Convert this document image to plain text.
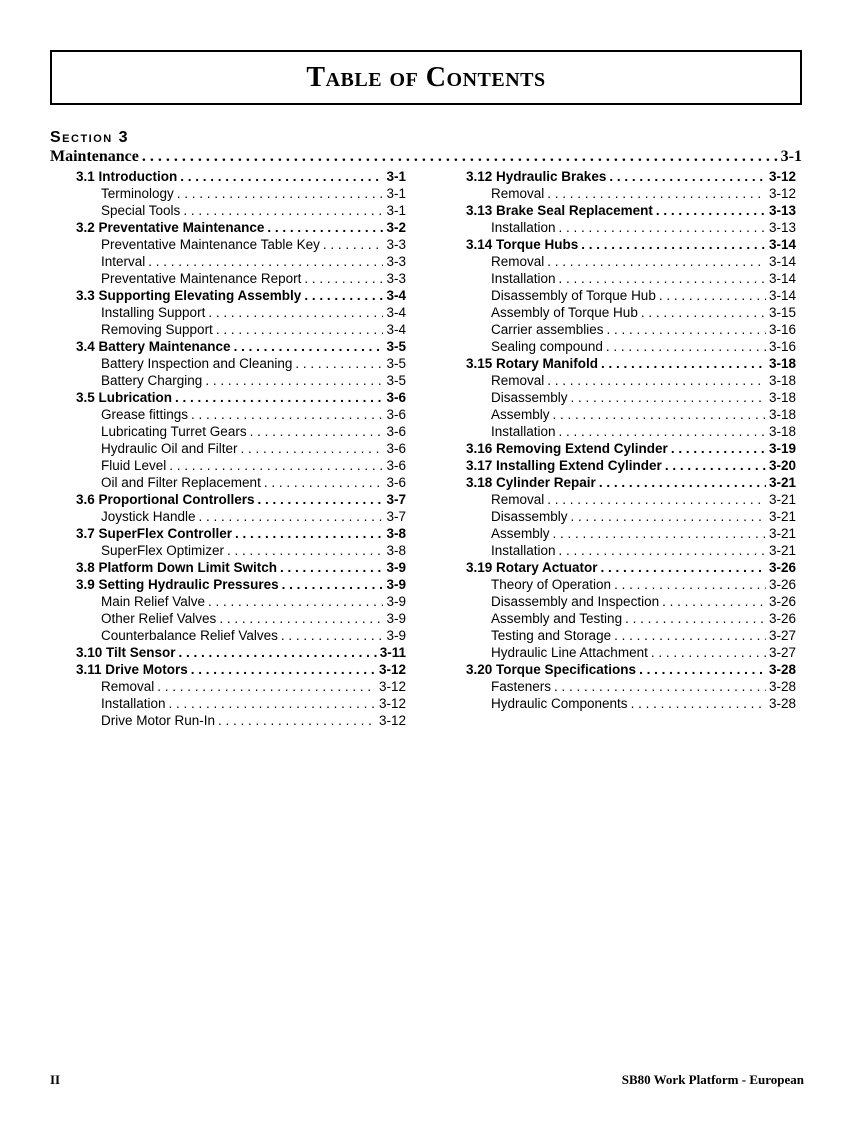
Table of Contents
Section 3
Maintenance . . .	3-1
3.1 Introduction . . .	3-1
Terminology . . .	3-1
Special Tools . . .	3-1
3.2 Preventative Maintenance . . .	3-2
Preventative Maintenance Table Key . . .	3-3
Interval . . .	3-3
Preventative Maintenance Report . . .	3-3
3.3 Supporting Elevating Assembly . . .	3-4
Installing Support . . .	3-4
Removing Support . . .	3-4
3.4 Battery Maintenance . . .	3-5
Battery Inspection and Cleaning . . .	3-5
Battery Charging . . .	3-5
3.5 Lubrication . . .	3-6
Grease fittings . . .	3-6
Lubricating Turret Gears . . .	3-6
Hydraulic Oil and Filter . . .	3-6
Fluid Level . . .	3-6
Oil and Filter Replacement . . .	3-6
3.6 Proportional Controllers . . .	3-7
Joystick Handle . . .	3-7
3.7 SuperFlex Controller . . .	3-8
SuperFlex Optimizer . . .	3-8
3.8 Platform Down Limit Switch . . .	3-9
3.9 Setting Hydraulic Pressures . . .	3-9
Main Relief Valve . . .	3-9
Other Relief Valves . . .	3-9
Counterbalance Relief Valves . . .	3-9
3.10 Tilt Sensor . . .	3-11
3.11 Drive Motors . . .	3-12
Removal . . .	3-12
Installation . . .	3-12
Drive Motor Run-In . . .	3-12
3.12 Hydraulic Brakes . . .	3-12
Removal . . .	3-12
3.13 Brake Seal Replacement . . .	3-13
Installation . . .	3-13
3.14 Torque Hubs . . .	3-14
Removal . . .	3-14
Installation . . .	3-14
Disassembly of Torque Hub . . .	3-14
Assembly of Torque Hub . . .	3-15
Carrier assemblies . . .	3-16
Sealing compound . . .	3-16
3.15 Rotary Manifold . . .	3-18
Removal . . .	3-18
Disassembly . . .	3-18
Assembly . . .	3-18
Installation . . .	3-18
3.16 Removing Extend Cylinder . . .	3-19
3.17 Installing Extend Cylinder . . .	3-20
3.18 Cylinder Repair . . .	3-21
Removal . . .	3-21
Disassembly . . .	3-21
Assembly . . .	3-21
Installation . . .	3-21
3.19 Rotary Actuator . . .	3-26
Theory of Operation . . .	3-26
Disassembly and Inspection . . .	3-26
Assembly and Testing . . .	3-26
Testing and Storage . . .	3-27
Hydraulic Line Attachment . . .	3-27
3.20 Torque Specifications . . .	3-28
Fasteners . . .	3-28
Hydraulic Components . . .	3-28
II	SB80 Work Platform - European
